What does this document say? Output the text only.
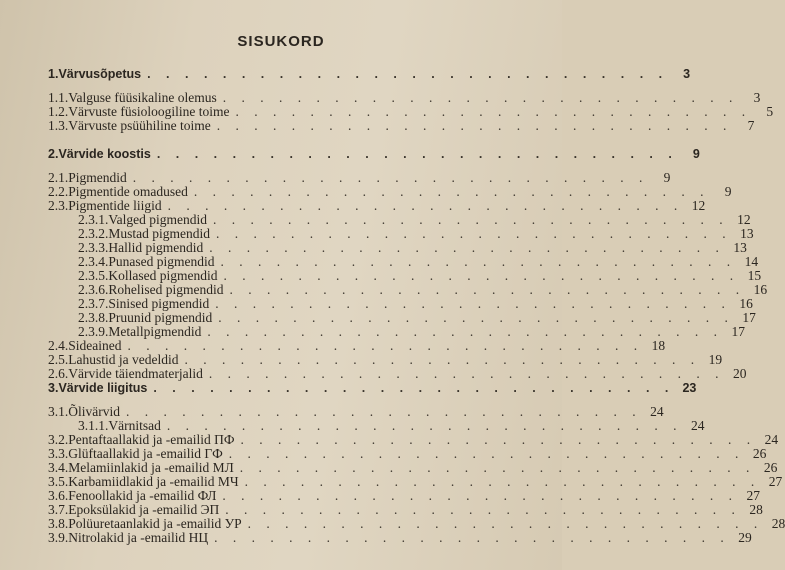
SISUKORD
1. Värvusõpetus . . . . . . . . . . . . . . . . . . . . . . . . . . . .	3
1.1. Valguse füüsikaline olemus . . . . . . . . . . . . . . . . . . . . . . . . . . . .	3
1.2. Värvuste füsioloogiline toime . . . . . . . . . . . . . . . . . . . . . . . . . . . .	5
1.3. Värvuste psüühiline toime . . . . . . . . . . . . . . . . . . . . . . . . . . . .	7
2. Värvide koostis . . . . . . . . . . . . . . . . . . . . . . . . . . . .	9
2.1. Pigmendid . . . . . . . . . . . . . . . . . . . . . . . . . . . .	9
2.2. Pigmentide omadused . . . . . . . . . . . . . . . . . . . . . . . . . . . .	9
2.3. Pigmentide liigid . . . . . . . . . . . . . . . . . . . . . . . . . . . . 12
2.3.1. Valged pigmendid . . . . . . . . . . . . . . . . . . . . . . . . . . . . 12
2.3.2. Mustad pigmendid . . . . . . . . . . . . . . . . . . . . . . . . . . . . 13
2.3.3. Hallid pigmendid . . . . . . . . . . . . . . . . . . . . . . . . . . . . 13
2.3.4. Punased pigmendid . . . . . . . . . . . . . . . . . . . . . . . . . . . . 14
2.3.5. Kollased pigmendid . . . . . . . . . . . . . . . . . . . . . . . . . . . . 15
2.3.6. Rohelised pigmendid . . . . . . . . . . . . . . . . . . . . . . . . . . . . 16
2.3.7. Sinised pigmendid . . . . . . . . . . . . . . . . . . . . . . . . . . . . 16
2.3.8. Pruunid pigmendid . . . . . . . . . . . . . . . . . . . . . . . . . . . . 17
2.3.9. Metallpigmendid . . . . . . . . . . . . . . . . . . . . . . . . . . . . 17
2.4. Sideained . . . . . . . . . . . . . . . . . . . . . . . . . . . . 18
2.5. Lahustid ja vedeldid . . . . . . . . . . . . . . . . . . . . . . . . . . . . 19
2.6. Värvide täiendmaterjalid . . . . . . . . . . . . . . . . . . . . . . . . . . . . 20
3. Värvide liigitus . . . . . . . . . . . . . . . . . . . . . . . . . . . . 23
3.1. Õlivärvid . . . . . . . . . . . . . . . . . . . . . . . . . . . . 24
3.1.1. Värnitsad . . . . . . . . . . . . . . . . . . . . . . . . . . . . 24
3.2. Pentaftaallakid ja -emailid ПФ . . . . . . . . . . . . . . . . . . . . . . . . . . . . 24
3.3. Glüftaallakid ja -emailid ГФ . . . . . . . . . . . . . . . . . . . . . . . . . . . . 26
3.4. Melamiinlakid ja -emailid МЛ . . . . . . . . . . . . . . . . . . . . . . . . . . . . 26
3.5. Karbamiidlakid ja -emailid МЧ . . . . . . . . . . . . . . . . . . . . . . . . . . . . 27
3.6. Fenoollakid ja -emailid ФЛ . . . . . . . . . . . . . . . . . . . . . . . . . . . . 27
3.7. Epoksülakid ja -emailid ЭП . . . . . . . . . . . . . . . . . . . . . . . . . . . . 28
3.8. Polüuretaanlakid ja -emailid УР . . . . . . . . . . . . . . . . . . . . . . . . . . . . 28
3.9. Nitrolakid ja -emailid НЦ . . . . . . . . . . . . . . . . . . . . . . . . . . . . 29
